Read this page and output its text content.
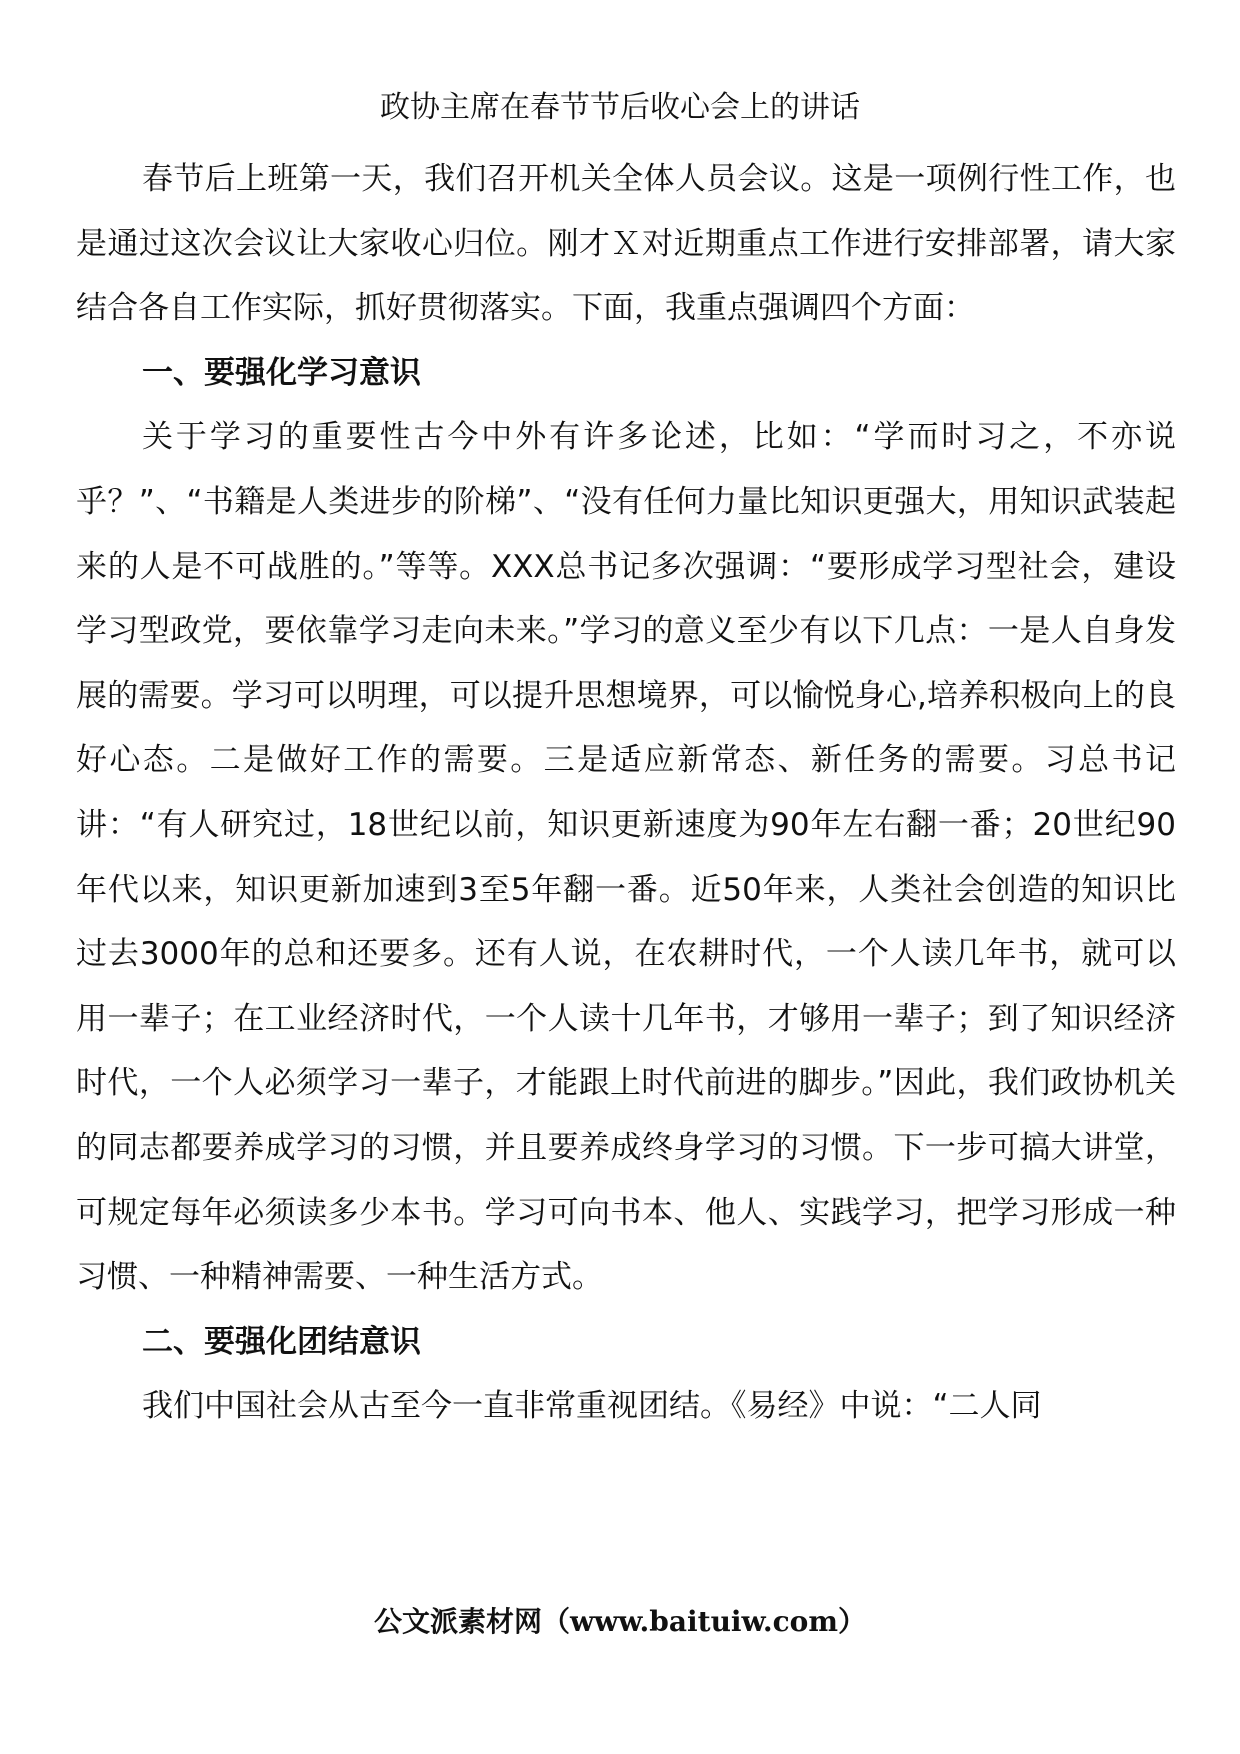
政协主席在春节节后收心会上的讲话

春节后上班第一天，我们召开机关全体人员会议。这是一项例行性工作，也是通过这次会议让大家收心归位。刚才Ｘ对近期重点工作进行安排部署，请大家结合各自工作实际，抓好贯彻落实。下面，我重点强调四个方面：

一、要强化学习意识

关于学习的重要性古今中外有许多论述，比如：“学而时习之，不亦说乎？”、“书籍是人类进步的阶梯”、“没有任何力量比知识更强大，用知识武装起来的人是不可战胜的。”等等。XXX总书记多次强调：“要形成学习型社会，建设学习型政党，要依靠学习走向未来。”学习的意义至少有以下几点：一是人自身发展的需要。学习可以明理，可以提升思想境界，可以愉悦身心,培养积极向上的良好心态。二是做好工作的需要。三是适应新常态、新任务的需要。习总书记讲：“有人研究过，18世纪以前，知识更新速度为90年左右翻一番；20世纪90年代以来，知识更新加速到3至5年翻一番。近50年来，人类社会创造的知识比过去3000年的总和还要多。还有人说，在农耕时代，一个人读几年书，就可以用一辈子；在工业经济时代，一个人读十几年书，才够用一辈子；到了知识经济时代，一个人必须学习一辈子，才能跟上时代前进的脚步。”因此，我们政协机关的同志都要养成学习的习惯，并且要养成终身学习的习惯。下一步可搞大讲堂，可规定每年必须读多少本书。学习可向书本、他人、实践学习，把学习形成一种习惯、一种精神需要、一种生活方式。

二、要强化团结意识

我们中国社会从古至今一直非常重视团结。《易经》中说：“二人同

公文派素材网（www.baituiw.com）
